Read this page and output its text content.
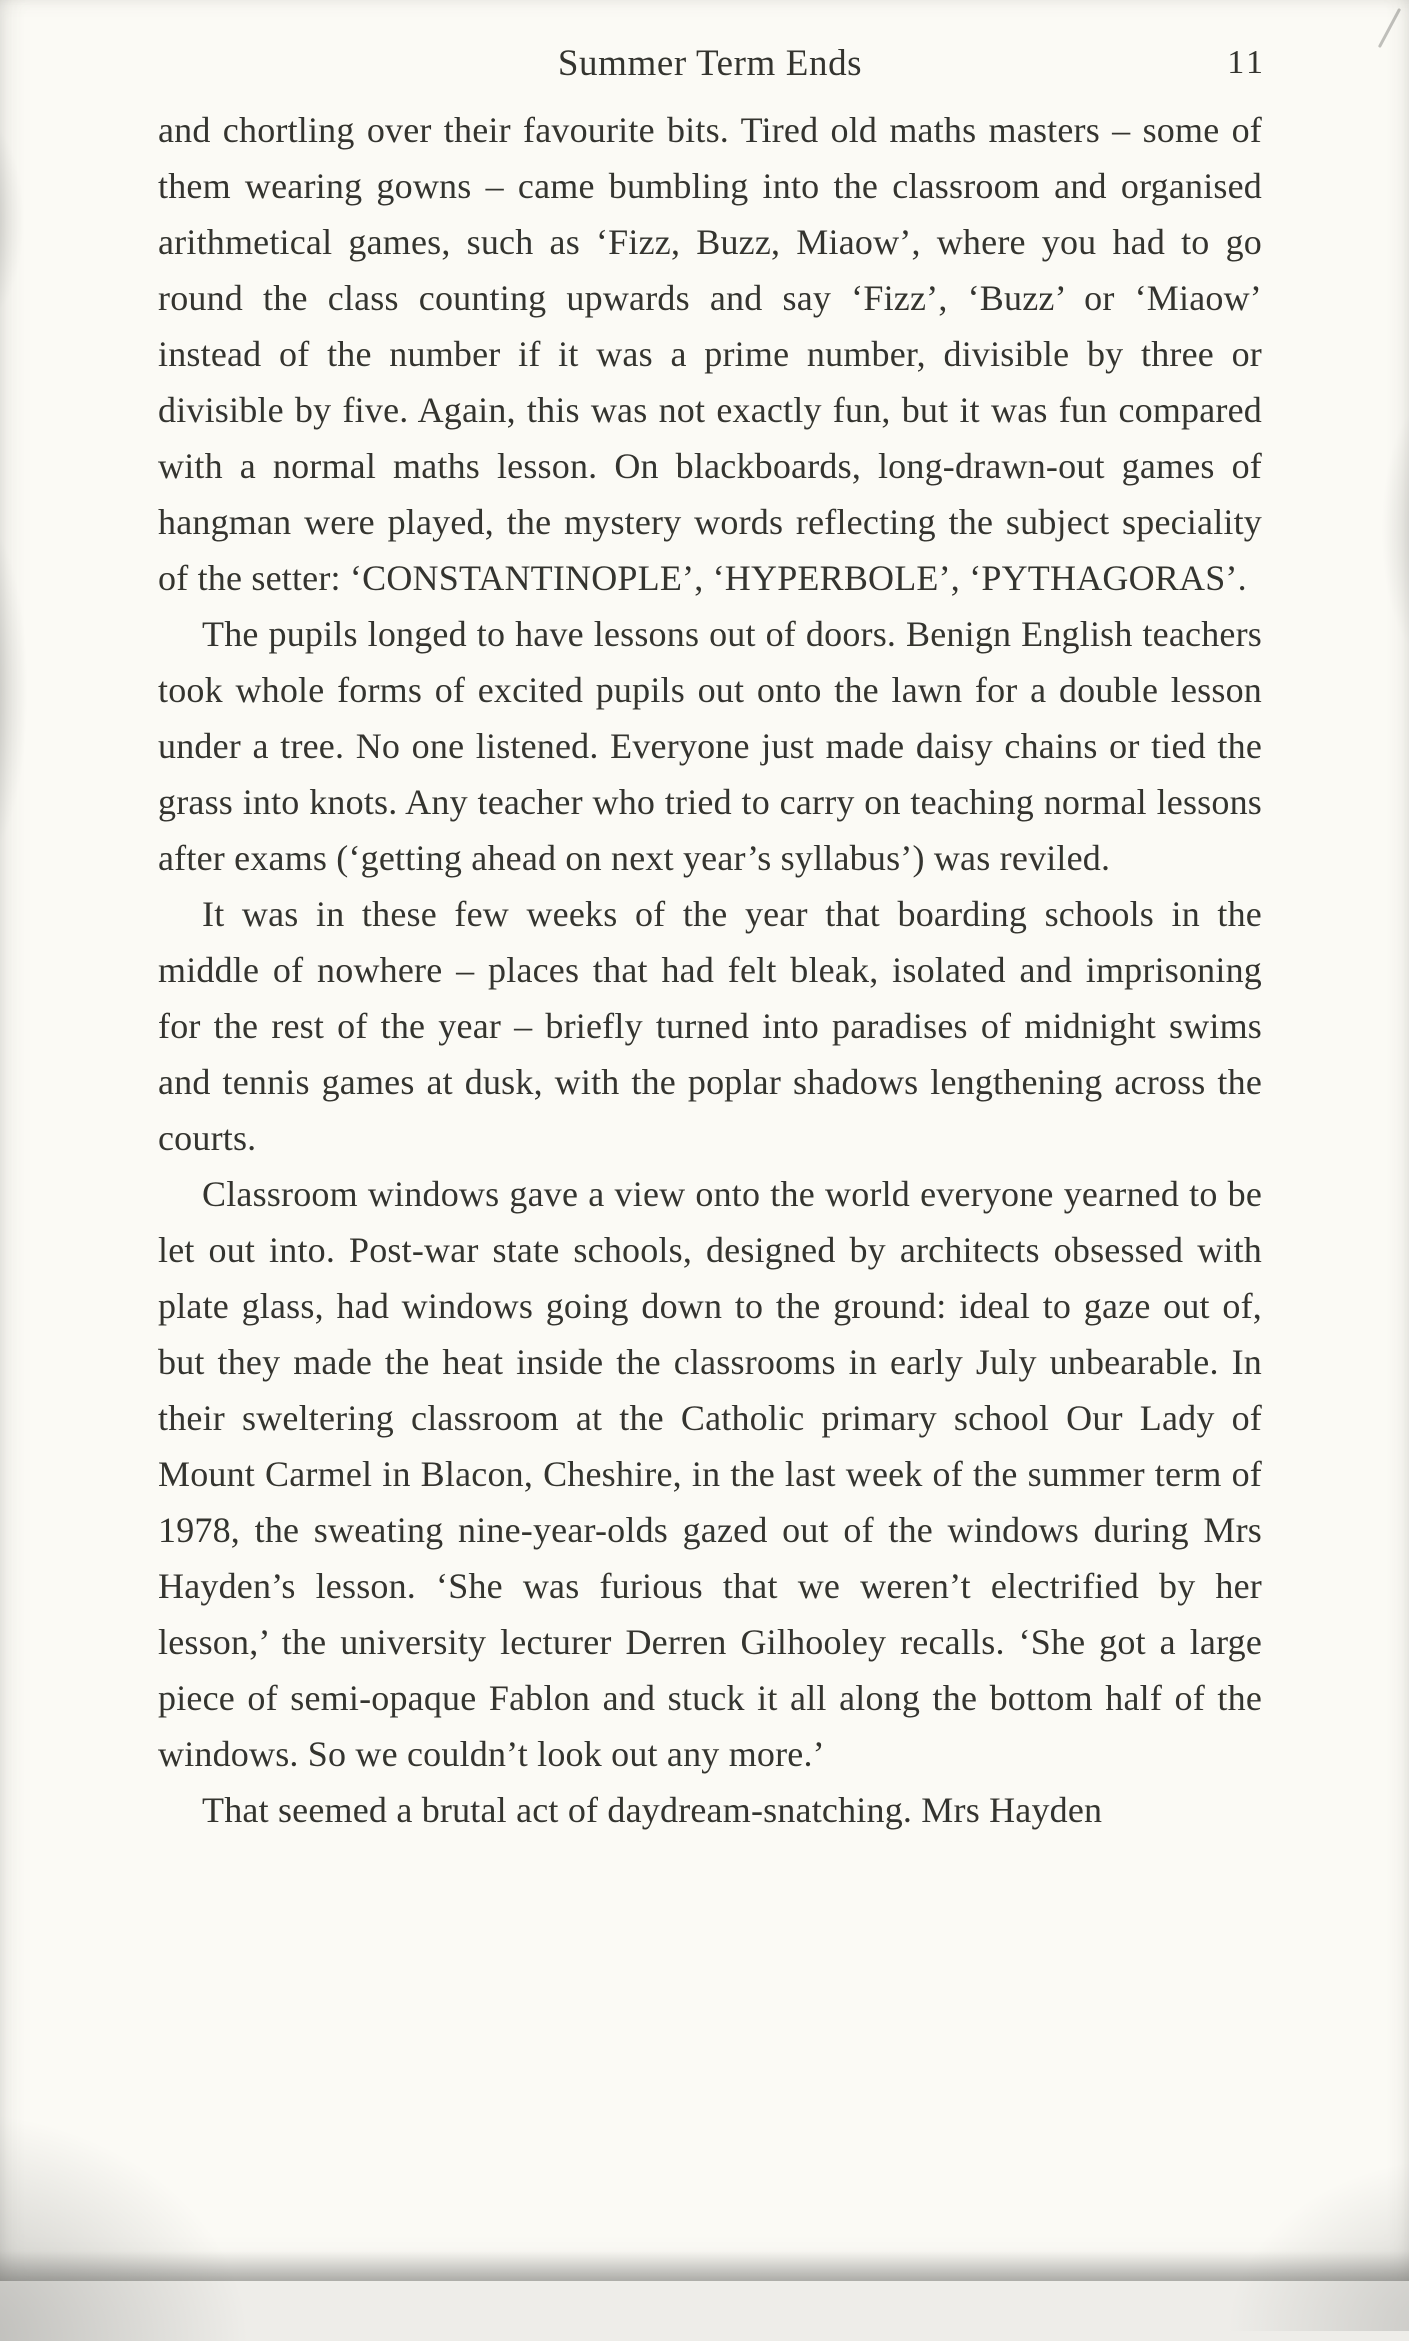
Summer Term Ends	11

and chortling over their favourite bits. Tired old maths masters – some of them wearing gowns – came bumbling into the classroom and organised arithmetical games, such as ‘Fizz, Buzz, Miaow’, where you had to go round the class counting upwards and say ‘Fizz’, ‘Buzz’ or ‘Miaow’ instead of the number if it was a prime number, divisible by three or divisible by five. Again, this was not exactly fun, but it was fun compared with a normal maths lesson. On blackboards, long-drawn-out games of hangman were played, the mystery words reflecting the subject speciality of the setter: ‘CONSTANTINOPLE’, ‘HYPERBOLE’, ‘PYTHAGORAS’.

The pupils longed to have lessons out of doors. Benign English teachers took whole forms of excited pupils out onto the lawn for a double lesson under a tree. No one listened. Everyone just made daisy chains or tied the grass into knots. Any teacher who tried to carry on teaching normal lessons after exams (‘getting ahead on next year’s syllabus’) was reviled.

It was in these few weeks of the year that boarding schools in the middle of nowhere – places that had felt bleak, isolated and imprisoning for the rest of the year – briefly turned into paradises of midnight swims and tennis games at dusk, with the poplar shadows lengthening across the courts.

Classroom windows gave a view onto the world everyone yearned to be let out into. Post-war state schools, designed by architects obsessed with plate glass, had windows going down to the ground: ideal to gaze out of, but they made the heat inside the classrooms in early July unbearable. In their sweltering classroom at the Catholic primary school Our Lady of Mount Carmel in Blacon, Cheshire, in the last week of the summer term of 1978, the sweating nine-year-olds gazed out of the windows during Mrs Hayden’s lesson. ‘She was furious that we weren’t electrified by her lesson,’ the university lecturer Derren Gilhooley recalls. ‘She got a large piece of semi-opaque Fablon and stuck it all along the bottom half of the windows. So we couldn’t look out any more.’

That seemed a brutal act of daydream-snatching. Mrs Hayden
